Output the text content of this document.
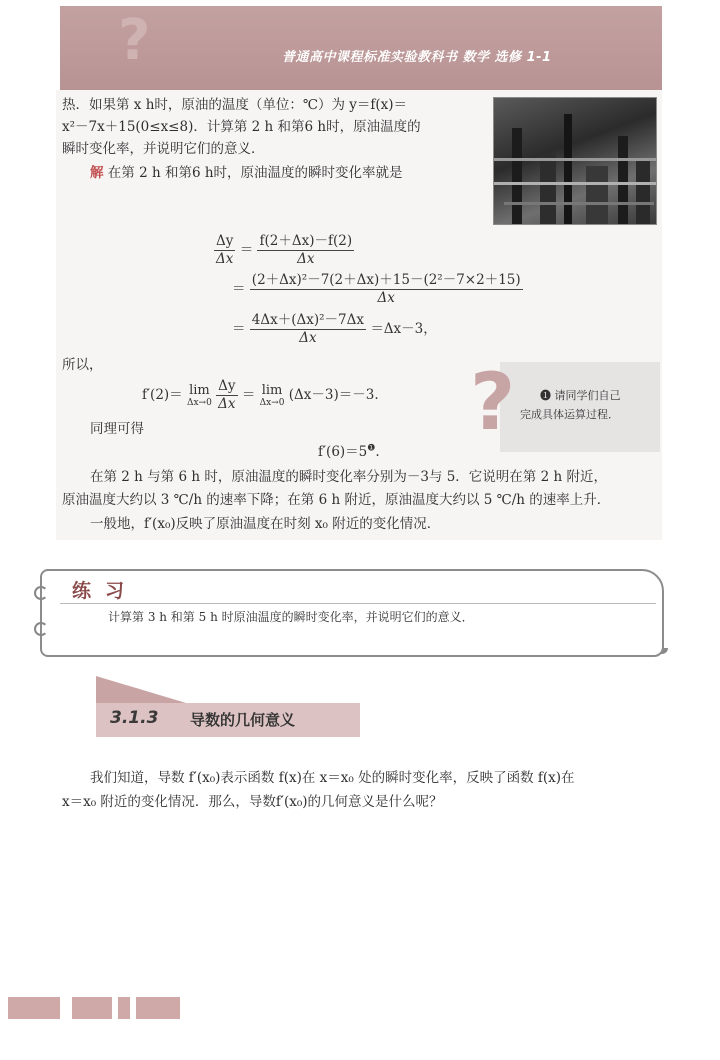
?	普通高中课程标准实验教科书 数学 选修 1-1
热．如果第 x h时，原油的温度（单位：℃）为 y＝f(x)＝
x²－7x＋15(0≤x≤8)．计算第 2 h 和第6 h时，原油温度的
瞬时变化率，并说明它们的意义．
解 在第 2 h 和第6 h时，原油温度的瞬时变化率就是
$\frac{\Delta y}{\Delta x} = \frac{f(2+\Delta x)-f(2)}{\Delta x}$
＝ $\frac{\text{(2＋Δx)²－7(2＋Δx)＋15－(2²－7×2＋15)}}{\Delta x}$
＝ $\frac{\text{4Δx＋(Δx)²－7Δx}}{\Delta x} =\Delta x-3$，
所以，
f′(2)＝ lim
Δx→0
$\frac{\Delta y}{\Delta x} = \lim$
Δx→0 (Δx－3)＝－3.
同理可得
$f'(6)=5^❶$.
在第 2 h 与第 6 h 时，原油温度的瞬时变化率分别为－3与 5．它说明在第 2 h 附近，
原油温度大约以 3 ℃/h 的速率下降；在第 6 h 附近，原油温度大约以 5 ℃/h 的速率上升．
一般地，f′(x₀)反映了原油温度在时刻 x₀ 附近的变化情况．
? ❶ 请同学们自己
完成具体运算过程．
练习
计算第 3 h 和第 5 h 时原油温度的瞬时变化率，并说明它们的意义．
3.1.3 导数的几何意义
我们知道，导数 f′(x₀)表示函数 f(x)在 x＝x₀ 处的瞬时变化率，反映了函数 f(x)在
x＝x₀ 附近的变化情况．那么，导数f′(x₀)的几何意义是什么呢？
